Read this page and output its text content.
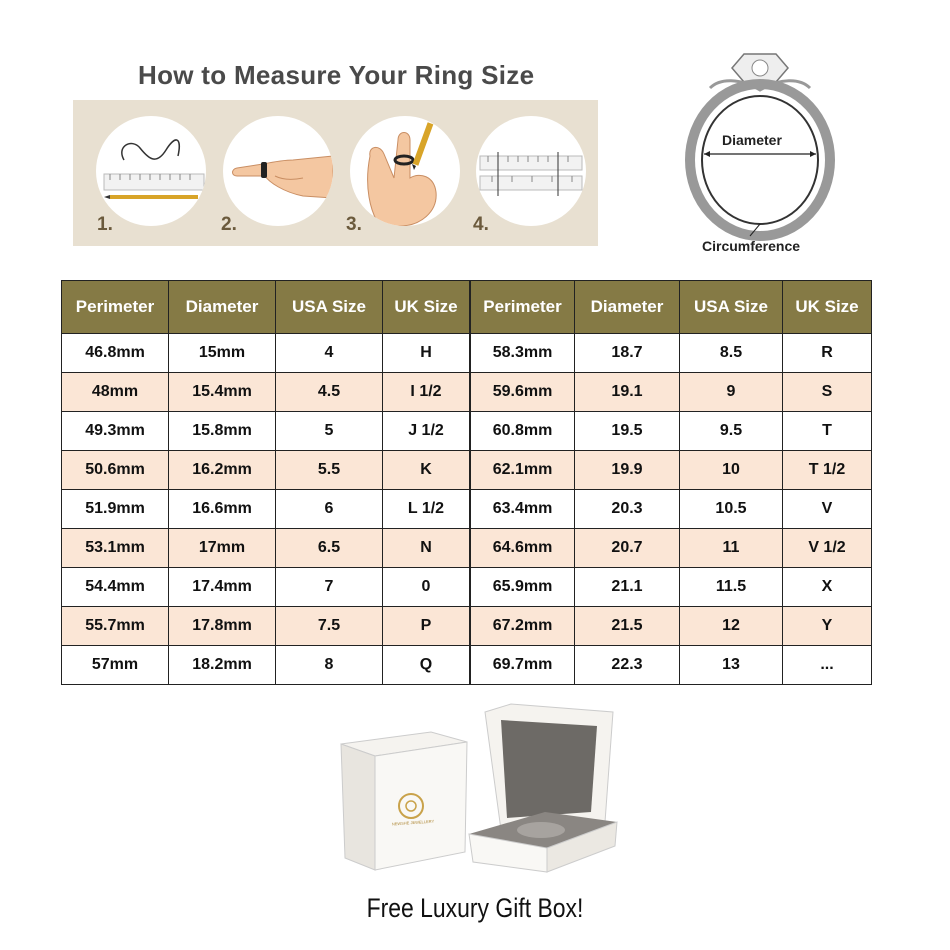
How to Measure Your Ring Size
1.	2.	3.	4.
Diameter
Circumference
Perimeter	Diameter	USA Size	UK Size	Perimeter	Diameter	USA Size	UK Size
46.8mm	15mm	4	H	58.3mm	18.7	8.5	R
48mm	15.4mm	4.5	I 1/2	59.6mm	19.1	9	S
49.3mm	15.8mm	5	J 1/2	60.8mm	19.5	9.5	T
50.6mm	16.2mm	5.5	K	62.1mm	19.9	10	T 1/2
51.9mm	16.6mm	6	L 1/2	63.4mm	20.3	10.5	V
53.1mm	17mm	6.5	N	64.6mm	20.7	11	V 1/2
54.4mm	17.4mm	7	0	65.9mm	21.1	11.5	X
55.7mm	17.8mm	7.5	P	67.2mm	21.5	12	Y
57mm	18.2mm	8	Q	69.7mm	22.3	13	...
NEWSHE JEWELLERY
Free Luxury Gift Box!
